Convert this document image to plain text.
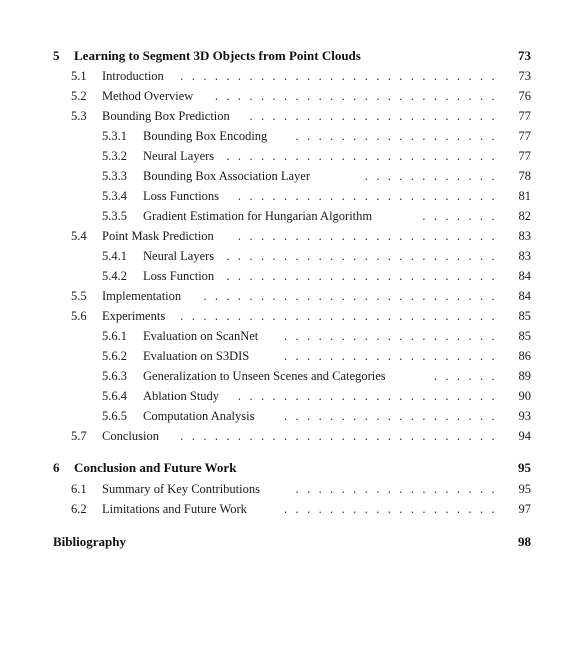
5 Learning to Segment 3D Objects from Point Clouds	73
5.1 Introduction ............................ 73
5.2 Method Overview	......................... 76
5.3 Bounding Box Prediction ...................... 77
5.3.1 Bounding Box Encoding	.................. 77
5.3.2 Neural Layers ........................ 77
5.3.3 Bounding Box Association Layer	............ 78
5.3.4 Loss Functions	....................... 81
5.3.5 Gradient Estimation for Hungarian Algorithm	....... 82
5.4 Point Mask Prediction	....................... 83
5.4.1 Neural Layers ........................ 83
5.4.2 Loss Function ........................ 84
5.5 Implementation	.......................... 84
5.6 Experiments	............................ 85
5.6.1 Evaluation on ScanNet ................... 85
5.6.2 Evaluation on S3DIS	................... 86
5.6.3 Generalization to Unseen Scenes and Categories	...... 89
5.6.4 Ablation Study ....................... 90
5.6.5 Computation Analysis	................... 93
5.7 Conclusion	............................ 94
6 Conclusion and Future Work	95
6.1 Summary of Key Contributions	.................. 95
6.2 Limitations and Future Work	................... 97
Bibliography	98
